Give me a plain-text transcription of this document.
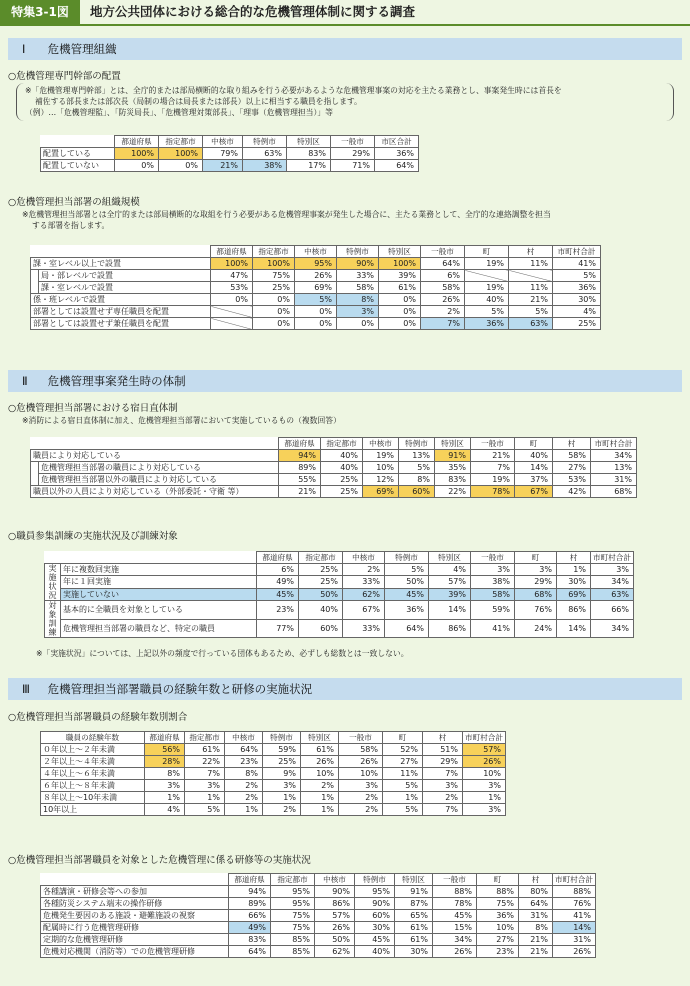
特集3-1図	地方公共団体における総合的な危機管理体制に関する調査
Ⅰ 危機管理組織
○危機管理専門幹部の配置
※「危機管理専門幹部」とは、全庁的または部局横断的な取り組みを行う必要があるような危機管理事案の対応を主たる業務とし、事案発生時には首長を
補佐する部長または部次長（局制の場合は局長または部長）以上に相当する職員を指します。
（例）…「危機管理監」、「防災局長」、「危機管理対策部長」、「理事（危機管理担当）」等
	都道府県	指定都市	中核市	特例市	特別区	一般市	市区合計
配置している	100%	100%	79%	63%	83%	29%	36%
配置していない	0%	0%	21%	38%	17%	71%	64%
○危機管理担当部署の組織規模
※危機管理担当部署とは全庁的または部局横断的な取組を行う必要がある危機管理事案が発生した場合に、主たる業務として、全庁的な連絡調整を担当
する部署を指します。
		都道府県	指定都市	中核市	特例市	特別区	一般市	町	村	市町村合計
課・室レベル以上で設置		100%	100%	95%	90%	100%	64%	19%	11%	41%
	局・部レベルで設置	47%	75%	26%	33%	39%	6%			5%
	課・室レベルで設置	53%	25%	69%	58%	61%	58%	19%	11%	36%
係・班レベルで設置		0%	0%	5%	8%	0%	26%	40%	21%	30%
部署としては設置せず専任職員を配置			0%	0%	3%	0%	2%	5%	5%	4%
部署としては設置せず兼任職員を配置			0%	0%	0%	0%	7%	36%	63%	25%
Ⅱ 危機管理事案発生時の体制
○危機管理担当部署における宿日直体制
※消防による宿日直体制に加え、危機管理担当部署において実施しているもの（複数回答）
		都道府県	指定都市	中核市	特例市	特別区	一般市	町	村	市町村合計
職員により対応している		94%	40%	19%	13%	91%	21%	40%	58%	34%
	危機管理担当部署の職員により対応している	89%	40%	10%	5%	35%	7%	14%	27%	13%
	危機管理担当部署以外の職員により対応している	55%	25%	12%	8%	83%	19%	37%	53%	31%
職員以外の人員により対応している（外部委託・守衛 等）		21%	25%	69%	60%	22%	78%	67%	42%	68%
○職員参集訓練の実施状況及び訓練対象
		都道府県	指定都市	中核市	特例市	特別区	一般市	町	村	市町村合計
実施状況	年に複数回実施	6%	25%	2%	5%	4%	3%	3%	1%	3%
	年に１回実施	49%	25%	33%	50%	57%	38%	29%	30%	34%
	実施していない	45%	50%	62%	45%	39%	58%	68%	69%	63%
対象訓練	基本的に全職員を対象としている	23%	40%	67%	36%	14%	59%	76%	86%	66%
	危機管理担当部署の職員など、特定の職員	77%	60%	33%	64%	86%	41%	24%	14%	34%
※「実施状況」については、上記以外の頻度で行っている団体もあるため、必ずしも総数とは一致しない。
Ⅲ 危機管理担当部署職員の経験年数と研修の実施状況
○危機管理担当部署職員の経験年数別割合
職員の経験年数	都道府県	指定都市	中核市	特例市	特別区	一般市	町	村	市町村合計
０年以上～２年未満	56%	61%	64%	59%	61%	58%	52%	51%	57%
２年以上～４年未満	28%	22%	23%	25%	26%	26%	27%	29%	26%
４年以上～６年未満	8%	7%	8%	9%	10%	10%	11%	7%	10%
６年以上～８年未満	3%	3%	2%	3%	2%	3%	5%	3%	3%
８年以上～10年未満	1%	1%	2%	1%	1%	2%	1%	2%	1%
10年以上	4%	5%	1%	2%	1%	2%	5%	7%	3%
○危機管理担当部署職員を対象とした危機管理に係る研修等の実施状況
	都道府県	指定都市	中核市	特例市	特別区	一般市	町	村	市町村合計
各種講演・研修会等への参加	94%	95%	90%	95%	91%	88%	88%	80%	88%
各種防災システム端末の操作研修	89%	95%	86%	90%	87%	78%	75%	64%	76%
危機発生要因のある施設・避難施設の視察	66%	75%	57%	60%	65%	45%	36%	31%	41%
配属時に行う危機管理研修	49%	75%	26%	30%	61%	15%	10%	8%	14%
定期的な危機管理研修	83%	85%	50%	45%	61%	34%	27%	21%	31%
危機対応機関（消防等）での危機管理研修	64%	85%	62%	40%	30%	26%	23%	21%	26%
